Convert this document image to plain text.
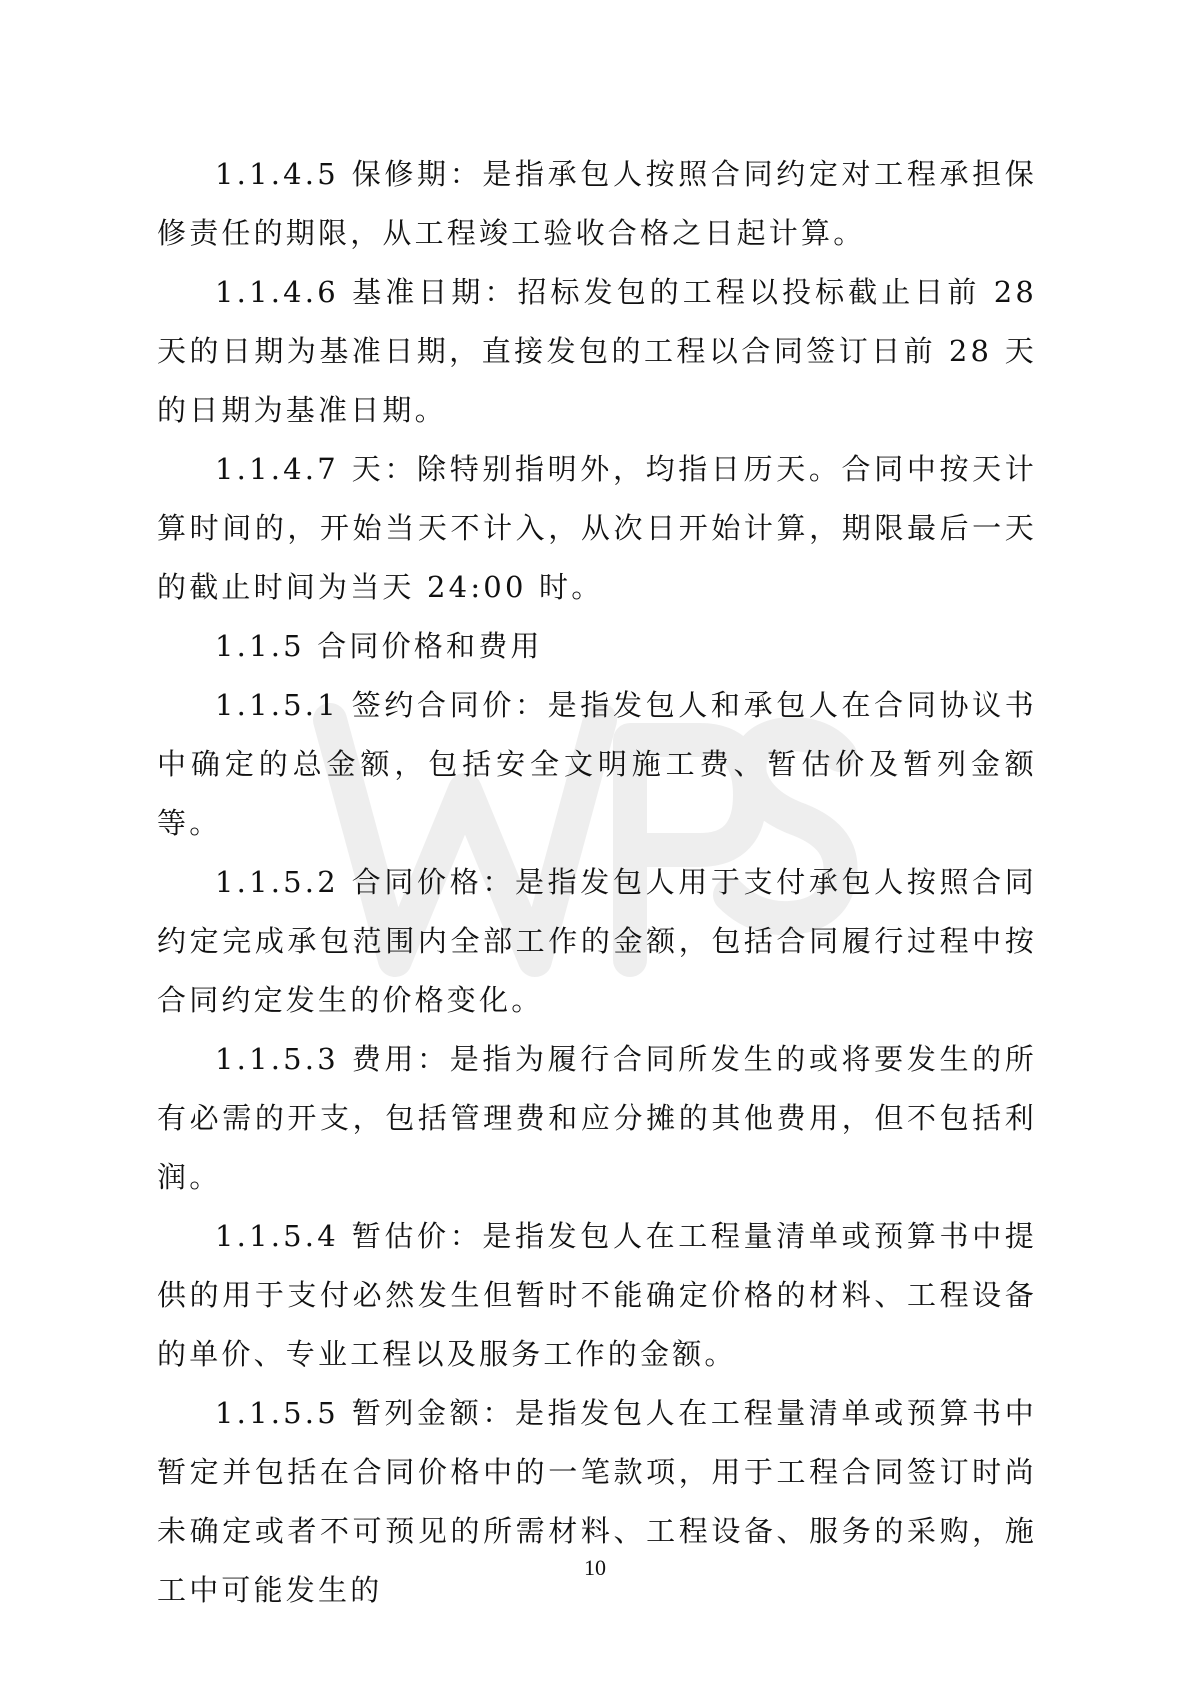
1.1.4.5 保修期：是指承包人按照合同约定对工程承担保修责任的期限，从工程竣工验收合格之日起计算。

1.1.4.6 基准日期：招标发包的工程以投标截止日前 28 天的日期为基准日期，直接发包的工程以合同签订日前 28 天的日期为基准日期。

1.1.4.7 天：除特别指明外，均指日历天。合同中按天计算时间的，开始当天不计入，从次日开始计算，期限最后一天的截止时间为当天 24:00 时。

1.1.5 合同价格和费用

1.1.5.1 签约合同价：是指发包人和承包人在合同协议书中确定的总金额，包括安全文明施工费、暂估价及暂列金额等。

1.1.5.2 合同价格：是指发包人用于支付承包人按照合同约定完成承包范围内全部工作的金额，包括合同履行过程中按合同约定发生的价格变化。

1.1.5.3 费用：是指为履行合同所发生的或将要发生的所有必需的开支，包括管理费和应分摊的其他费用，但不包括利润。

1.1.5.4 暂估价：是指发包人在工程量清单或预算书中提供的用于支付必然发生但暂时不能确定价格的材料、工程设备的单价、专业工程以及服务工作的金额。

1.1.5.5 暂列金额：是指发包人在工程量清单或预算书中暂定并包括在合同价格中的一笔款项，用于工程合同签订时尚未确定或者不可预见的所需材料、工程设备、服务的采购，施工中可能发生的

10
